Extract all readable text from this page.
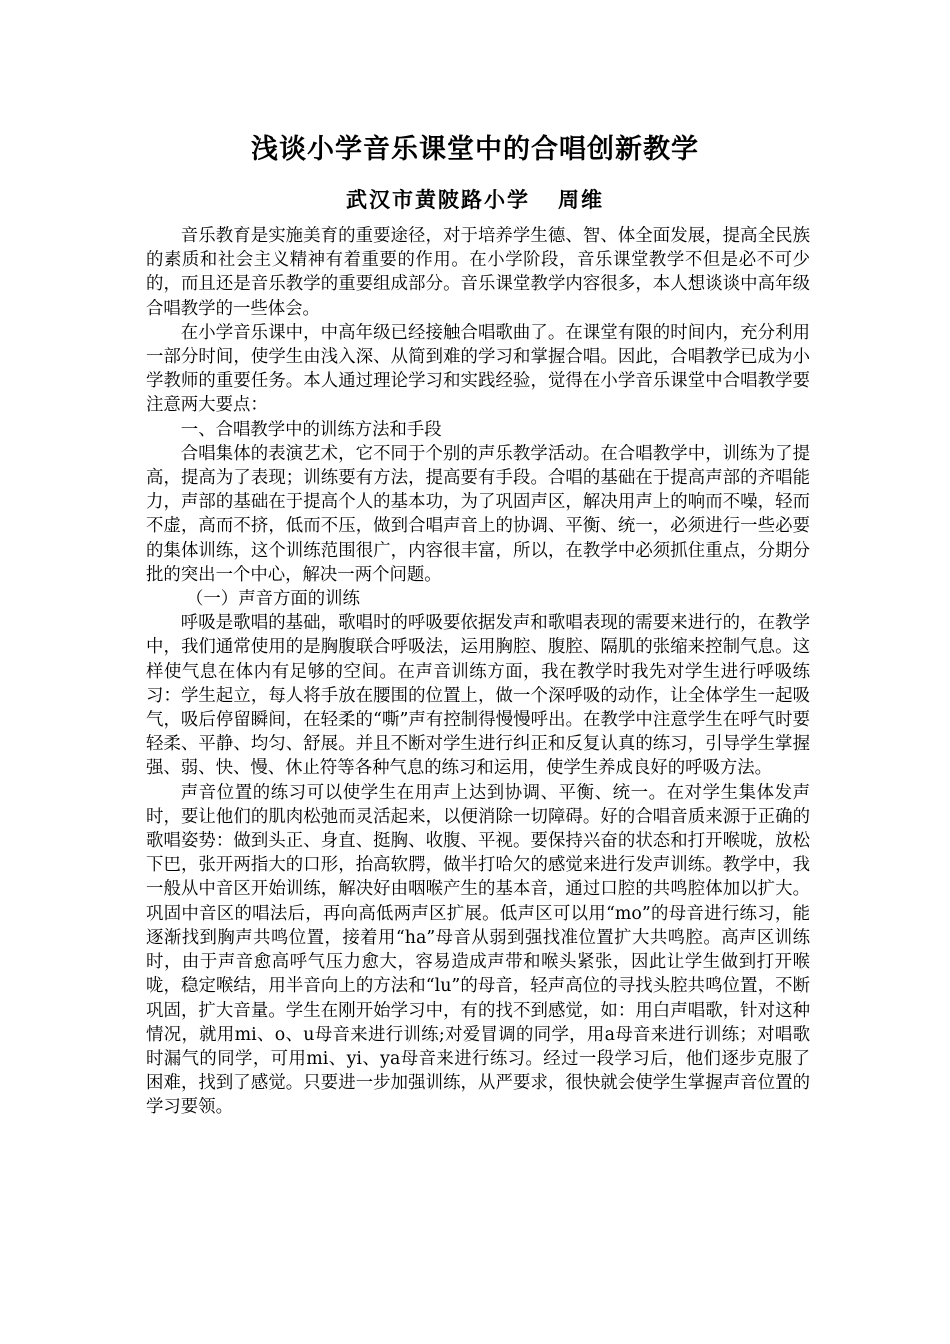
浅谈小学音乐课堂中的合唱创新教学
武汉市黄陂路小学 周维

音乐教育是实施美育的重要途径，对于培养学生德、智、体全面发展，提高全民族的素质和社会主义精神有着重要的作用。在小学阶段，音乐课堂教学不但是必不可少的，而且还是音乐教学的重要组成部分。音乐课堂教学内容很多，本人想谈谈中高年级合唱教学的一些体会。

在小学音乐课中，中高年级已经接触合唱歌曲了。在课堂有限的时间内，充分利用一部分时间，使学生由浅入深、从简到难的学习和掌握合唱。因此，合唱教学已成为小学教师的重要任务。本人通过理论学习和实践经验，觉得在小学音乐课堂中合唱教学要注意两大要点：

一、合唱教学中的训练方法和手段

合唱集体的表演艺术，它不同于个别的声乐教学活动。在合唱教学中，训练为了提高，提高为了表现；训练要有方法，提高要有手段。合唱的基础在于提高声部的齐唱能力，声部的基础在于提高个人的基本功，为了巩固声区，解决用声上的响而不噪，轻而不虚，高而不挤，低而不压，做到合唱声音上的协调、平衡、统一，必须进行一些必要的集体训练，这个训练范围很广，内容很丰富，所以，在教学中必须抓住重点，分期分批的突出一个中心，解决一两个问题。

（一）声音方面的训练

呼吸是歌唱的基础，歌唱时的呼吸要依据发声和歌唱表现的需要来进行的，在教学中，我们通常使用的是胸腹联合呼吸法，运用胸腔、腹腔、隔肌的张缩来控制气息。这样使气息在体内有足够的空间。在声音训练方面，我在教学时我先对学生进行呼吸练习：学生起立，每人将手放在腰围的位置上，做一个深呼吸的动作，让全体学生一起吸气，吸后停留瞬间，在轻柔的“嘶”声有控制得慢慢呼出。在教学中注意学生在呼气时要轻柔、平静、均匀、舒展。并且不断对学生进行纠正和反复认真的练习，引导学生掌握强、弱、快、慢、休止符等各种气息的练习和运用，使学生养成良好的呼吸方法。

声音位置的练习可以使学生在用声上达到协调、平衡、统一。在对学生集体发声时，要让他们的肌肉松弛而灵活起来，以便消除一切障碍。好的合唱音质来源于正确的歌唱姿势：做到头正、身直、挺胸、收腹、平视。要保持兴奋的状态和打开喉咙，放松下巴，张开两指大的口形，抬高软腭，做半打哈欠的感觉来进行发声训练。教学中，我一般从中音区开始训练，解决好由咽喉产生的基本音，通过口腔的共鸣腔体加以扩大。巩固中音区的唱法后，再向高低两声区扩展。低声区可以用“mo”的母音进行练习，能逐渐找到胸声共鸣位置，接着用“ha”母音从弱到强找准位置扩大共鸣腔。高声区训练时，由于声音愈高呼气压力愈大，容易造成声带和喉头紧张，因此让学生做到打开喉咙，稳定喉结，用半音向上的方法和“lu”的母音，轻声高位的寻找头腔共鸣位置，不断巩固，扩大音量。学生在刚开始学习中，有的找不到感觉，如：用白声唱歌，针对这种情况，就用mi、o、u母音来进行训练;对爱冒调的同学，用a母音来进行训练；对唱歌时漏气的同学，可用mi、yi、ya母音来进行练习。经过一段学习后，他们逐步克服了困难，找到了感觉。只要进一步加强训练，从严要求，很快就会使学生掌握声音位置的学习要领。
